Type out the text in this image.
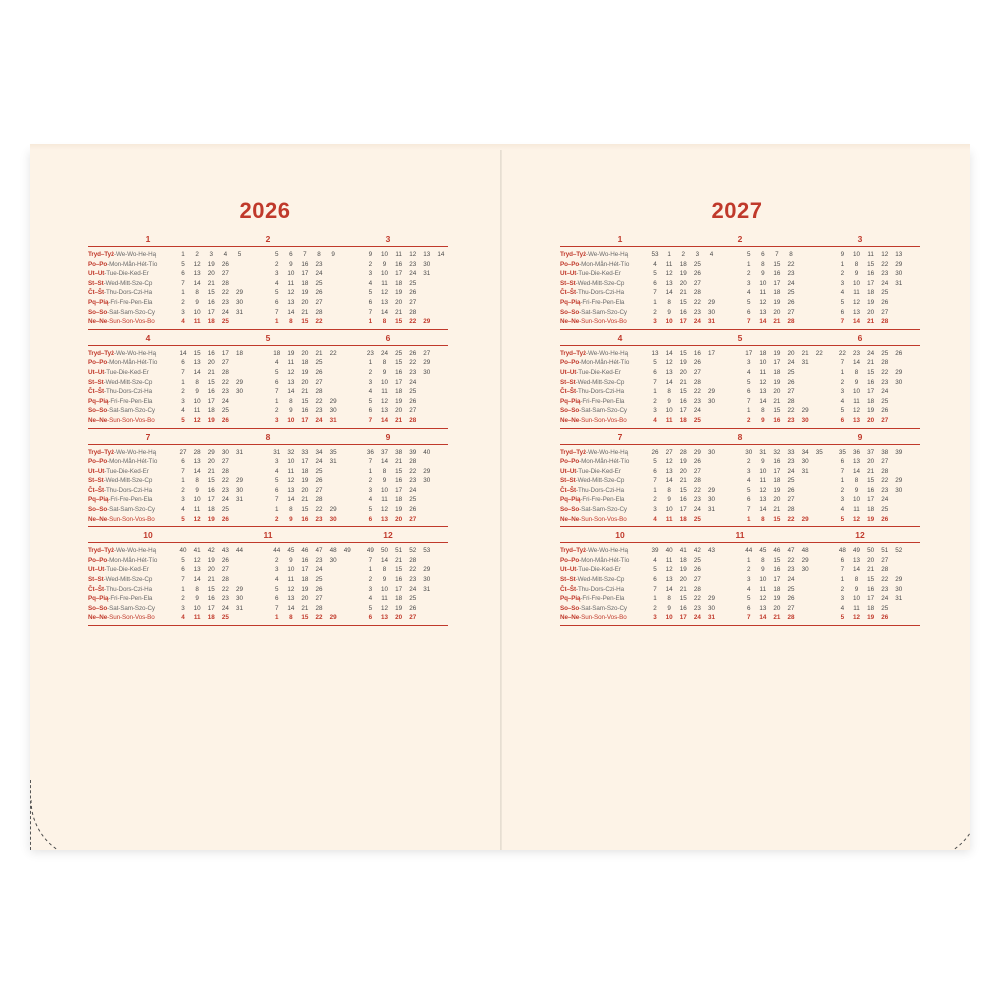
2026
1	2	3
Tryd–Tyż-We-Wo-He-Hą	1	2	3	4	5			5	6	7	8	9			9	10	11	12	13	14
Po–Po-Mon-Mån-Hét-Tío	5	12	19	26				2	9	16	23				2	9	16	23	30	
Ut–Ut-Tue-Die-Ked-Er	6	13	20	27				3	10	17	24				3	10	17	24	31	
St–St-Wed-Mitt-Sze-Cp	7	14	21	28				4	11	18	25				4	11	18	25		
Čt–Št-Thu-Dors-Czi-Ha	1	8	15	22	29			5	12	19	26				5	12	19	26		
Pq–Pią-Fri-Fre-Pen-Ela	2	9	16	23	30			6	13	20	27				6	13	20	27		
So–So-Sat-Sam-Szo-Cy	3	10	17	24	31			7	14	21	28				7	14	21	28		
Ne–Ne-Sun-Son-Vos-Bo	4	11	18	25				1	8	15	22				1	8	15	22	29	
4	5	6
Tryd–Tyż-We-Wo-He-Hą	14	15	16	17	18			18	19	20	21	22			23	24	25	26	27	
Po–Po-Mon-Mån-Hét-Tío	6	13	20	27				4	11	18	25				1	8	15	22	29	
Ut–Ut-Tue-Die-Ked-Er	7	14	21	28				5	12	19	26				2	9	16	23	30	
St–St-Wed-Mitt-Sze-Cp	1	8	15	22	29			6	13	20	27				3	10	17	24		
Čt–Št-Thu-Dors-Czi-Ha	2	9	16	23	30			7	14	21	28				4	11	18	25		
Pq–Pią-Fri-Fre-Pen-Ela	3	10	17	24				1	8	15	22	29			5	12	19	26		
So–So-Sat-Sam-Szo-Cy	4	11	18	25				2	9	16	23	30			6	13	20	27		
Ne–Ne-Sun-Son-Vos-Bo	5	12	19	26				3	10	17	24	31			7	14	21	28		
7	8	9
Tryd–Tyż-We-Wo-He-Hą	27	28	29	30	31			31	32	33	34	35			36	37	38	39	40	
Po–Po-Mon-Mån-Hét-Tío	6	13	20	27				3	10	17	24	31			7	14	21	28		
Ut–Ut-Tue-Die-Ked-Er	7	14	21	28				4	11	18	25				1	8	15	22	29	
St–St-Wed-Mitt-Sze-Cp	1	8	15	22	29			5	12	19	26				2	9	16	23	30	
Čt–Št-Thu-Dors-Czi-Ha	2	9	16	23	30			6	13	20	27				3	10	17	24		
Pq–Pią-Fri-Fre-Pen-Ela	3	10	17	24	31			7	14	21	28				4	11	18	25		
So–So-Sat-Sam-Szo-Cy	4	11	18	25				1	8	15	22	29			5	12	19	26		
Ne–Ne-Sun-Son-Vos-Bo	5	12	19	26				2	9	16	23	30			6	13	20	27		
10	11	12
Tryd–Tyż-We-Wo-He-Hą	40	41	42	43	44			44	45	46	47	48	49		49	50	51	52	53	
Po–Po-Mon-Mån-Hét-Tío	5	12	19	26				2	9	16	23	30			7	14	21	28		
Ut–Ut-Tue-Die-Ked-Er	6	13	20	27				3	10	17	24				1	8	15	22	29	
St–St-Wed-Mitt-Sze-Cp	7	14	21	28				4	11	18	25				2	9	16	23	30	
Čt–Št-Thu-Dors-Czi-Ha	1	8	15	22	29			5	12	19	26				3	10	17	24	31	
Pq–Pią-Fri-Fre-Pen-Ela	2	9	16	23	30			6	13	20	27				4	11	18	25		
So–So-Sat-Sam-Szo-Cy	3	10	17	24	31			7	14	21	28				5	12	19	26		
Ne–Ne-Sun-Son-Vos-Bo	4	11	18	25				1	8	15	22	29			6	13	20	27		
2027
1	2	3
Tryd–Tyż-We-Wo-He-Hą	53	1	2	3	4			5	6	7	8				9	10	11	12	13	
Po–Po-Mon-Mån-Hét-Tío	4	11	18	25				1	8	15	22				1	8	15	22	29	
Ut–Ut-Tue-Die-Ked-Er	5	12	19	26				2	9	16	23				2	9	16	23	30	
St–St-Wed-Mitt-Sze-Cp	6	13	20	27				3	10	17	24				3	10	17	24	31	
Čt–Št-Thu-Dors-Czi-Ha	7	14	21	28				4	11	18	25				4	11	18	25		
Pq–Pią-Fri-Fre-Pen-Ela	1	8	15	22	29			5	12	19	26				5	12	19	26		
So–So-Sat-Sam-Szo-Cy	2	9	16	23	30			6	13	20	27				6	13	20	27		
Ne–Ne-Sun-Son-Vos-Bo	3	10	17	24	31			7	14	21	28				7	14	21	28		
4	5	6
Tryd–Tyż-We-Wo-He-Hą	13	14	15	16	17			17	18	19	20	21	22		22	23	24	25	26	
Po–Po-Mon-Mån-Hét-Tío	5	12	19	26				3	10	17	24	31			7	14	21	28		
Ut–Ut-Tue-Die-Ked-Er	6	13	20	27				4	11	18	25				1	8	15	22	29	
St–St-Wed-Mitt-Sze-Cp	7	14	21	28				5	12	19	26				2	9	16	23	30	
Čt–Št-Thu-Dors-Czi-Ha	1	8	15	22	29			6	13	20	27				3	10	17	24		
Pq–Pią-Fri-Fre-Pen-Ela	2	9	16	23	30			7	14	21	28				4	11	18	25		
So–So-Sat-Sam-Szo-Cy	3	10	17	24				1	8	15	22	29			5	12	19	26		
Ne–Ne-Sun-Son-Vos-Bo	4	11	18	25				2	9	16	23	30			6	13	20	27		
7	8	9
Tryd–Tyż-We-Wo-He-Hą	26	27	28	29	30			30	31	32	33	34	35		35	36	37	38	39	
Po–Po-Mon-Mån-Hét-Tío	5	12	19	26				2	9	16	23	30			6	13	20	27		
Ut–Ut-Tue-Die-Ked-Er	6	13	20	27				3	10	17	24	31			7	14	21	28		
St–St-Wed-Mitt-Sze-Cp	7	14	21	28				4	11	18	25				1	8	15	22	29	
Čt–Št-Thu-Dors-Czi-Ha	1	8	15	22	29			5	12	19	26				2	9	16	23	30	
Pq–Pią-Fri-Fre-Pen-Ela	2	9	16	23	30			6	13	20	27				3	10	17	24		
So–So-Sat-Sam-Szo-Cy	3	10	17	24	31			7	14	21	28				4	11	18	25		
Ne–Ne-Sun-Son-Vos-Bo	4	11	18	25				1	8	15	22	29			5	12	19	26		
10	11	12
Tryd–Tyż-We-Wo-He-Hą	39	40	41	42	43			44	45	46	47	48			48	49	50	51	52	
Po–Po-Mon-Mån-Hét-Tío	4	11	18	25				1	8	15	22	29			6	13	20	27		
Ut–Ut-Tue-Die-Ked-Er	5	12	19	26				2	9	16	23	30			7	14	21	28		
St–St-Wed-Mitt-Sze-Cp	6	13	20	27				3	10	17	24				1	8	15	22	29	
Čt–Št-Thu-Dors-Czi-Ha	7	14	21	28				4	11	18	25				2	9	16	23	30	
Pq–Pią-Fri-Fre-Pen-Ela	1	8	15	22	29			5	12	19	26				3	10	17	24	31	
So–So-Sat-Sam-Szo-Cy	2	9	16	23	30			6	13	20	27				4	11	18	25		
Ne–Ne-Sun-Son-Vos-Bo	3	10	17	24	31			7	14	21	28				5	12	19	26		
